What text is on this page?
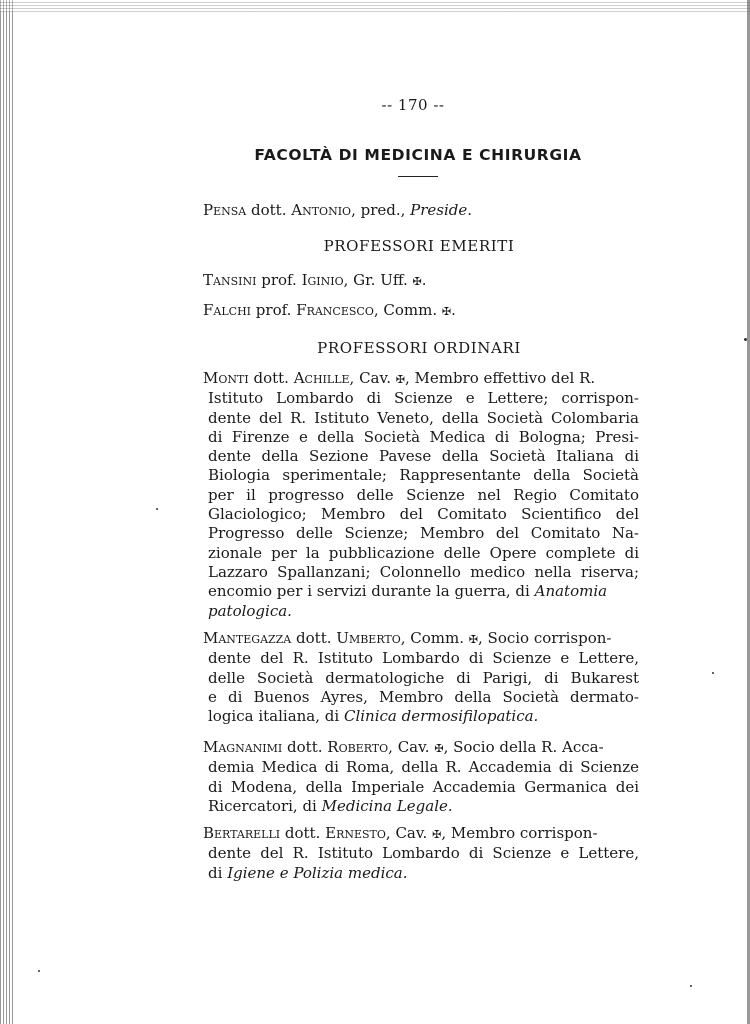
-- 170 --
FACOLTÀ DI MEDICINA E CHIRURGIA
Pensa dott. Antonio, pred., Preside.
PROFESSORI EMERITI
Tansini prof. Iginio, Gr. Uff. ✠.
Falchi prof. Francesco, Comm. ✠.
PROFESSORI ORDINARI
Monti dott. Achille, Cav. ✠, Membro effettivo del R.
Istituto Lombardo di Scienze e Lettere; corrispon-
dente del R. Istituto Veneto, della Società Colombaria
di Firenze e della Società Medica di Bologna; Presi-
dente della Sezione Pavese della Società Italiana di
Biologia sperimentale; Rappresentante della Società
per il progresso delle Scienze nel Regio Comitato
Glaciologico; Membro del Comitato Scientifico del
Progresso delle Scienze; Membro del Comitato Na-
zionale per la pubblicazione delle Opere complete di
Lazzaro Spallanzani; Colonnello medico nella riserva;
encomio per i servizi durante la guerra, di Anatomia
patologica.
Mantegazza dott. Umberto, Comm. ✠, Socio corrispon-
dente del R. Istituto Lombardo di Scienze e Lettere,
delle Società dermatologiche di Parigi, di Bukarest
e di Buenos Ayres, Membro della Società dermato-
logica italiana, di Clinica dermosifilopatica.
Magnanimi dott. Roberto, Cav. ✠, Socio della R. Acca-
demia Medica di Roma, della R. Accademia di Scienze
di Modena, della Imperiale Accademia Germanica dei
Ricercatori, di Medicina Legale.
Bertarelli dott. Ernesto, Cav. ✠, Membro corrispon-
dente del R. Istituto Lombardo di Scienze e Lettere,
di Igiene e Polizia medica.
